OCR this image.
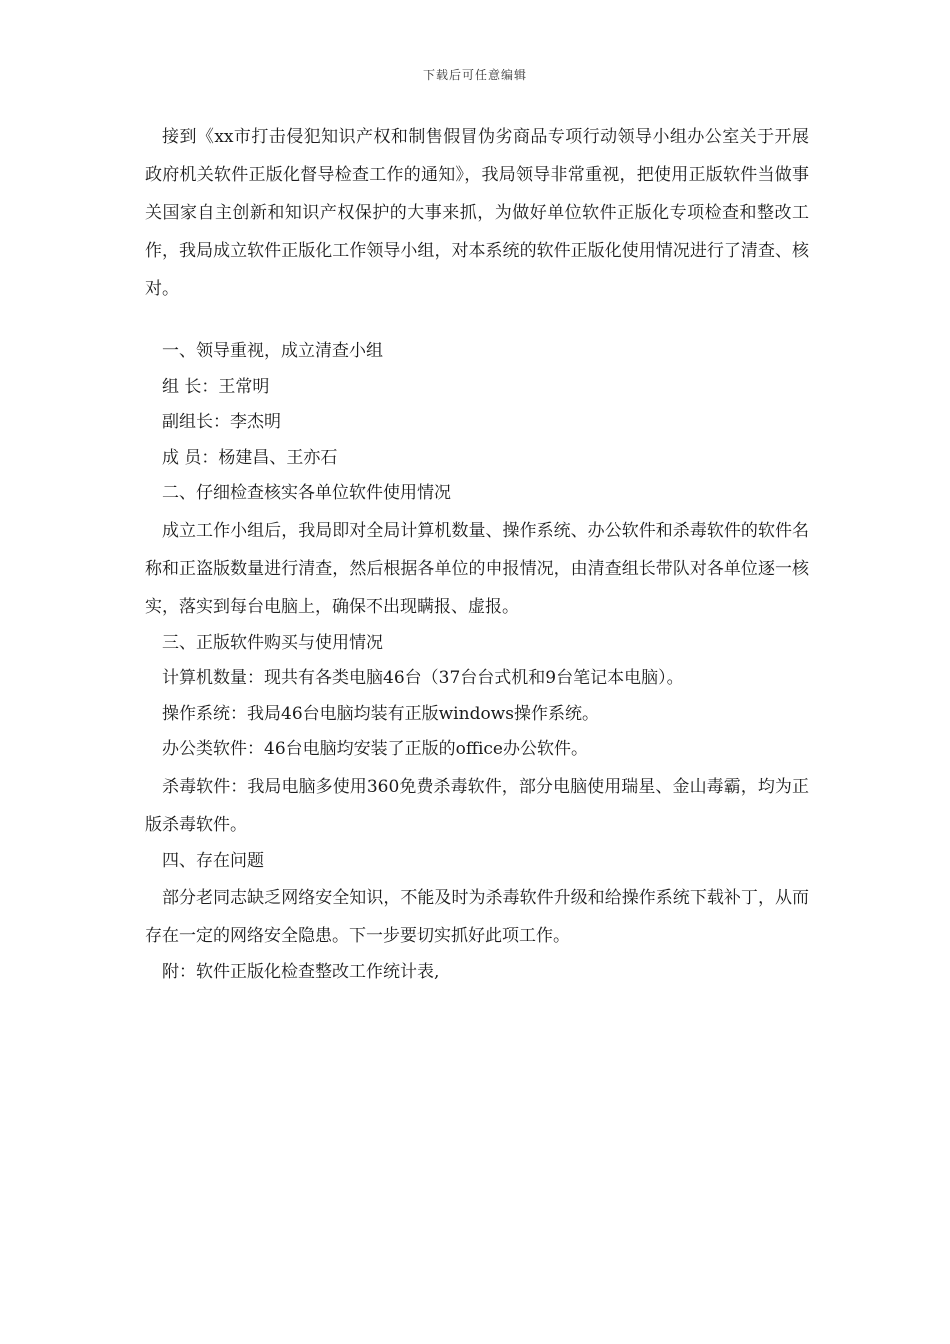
下载后可任意编辑

接到《xx市打击侵犯知识产权和制售假冒伪劣商品专项行动领导小组办公室关于开展政府机关软件正版化督导检查工作的通知》，我局领导非常重视，把使用正版软件当做事关国家自主创新和知识产权保护的大事来抓，为做好单位软件正版化专项检查和整改工作，我局成立软件正版化工作领导小组，对本系统的软件正版化使用情况进行了清查、核对。

一、领导重视，成立清查小组

组 长：王常明

副组长：李杰明

成 员：杨建昌、王亦石

二、仔细检查核实各单位软件使用情况

成立工作小组后，我局即对全局计算机数量、操作系统、办公软件和杀毒软件的软件名称和正盗版数量进行清查，然后根据各单位的申报情况，由清查组长带队对各单位逐一核实，落实到每台电脑上，确保不出现瞒报、虚报。

三、正版软件购买与使用情况

计算机数量：现共有各类电脑46台（37台台式机和9台笔记本电脑）。

操作系统：我局46台电脑均装有正版windows操作系统。

办公类软件：46台电脑均安装了正版的office办公软件。

杀毒软件：我局电脑多使用360免费杀毒软件，部分电脑使用瑞星、金山毒霸，均为正版杀毒软件。

四、存在问题

部分老同志缺乏网络安全知识，不能及时为杀毒软件升级和给操作系统下载补丁，从而存在一定的网络安全隐患。下一步要切实抓好此项工作。

附：软件正版化检查整改工作统计表,
